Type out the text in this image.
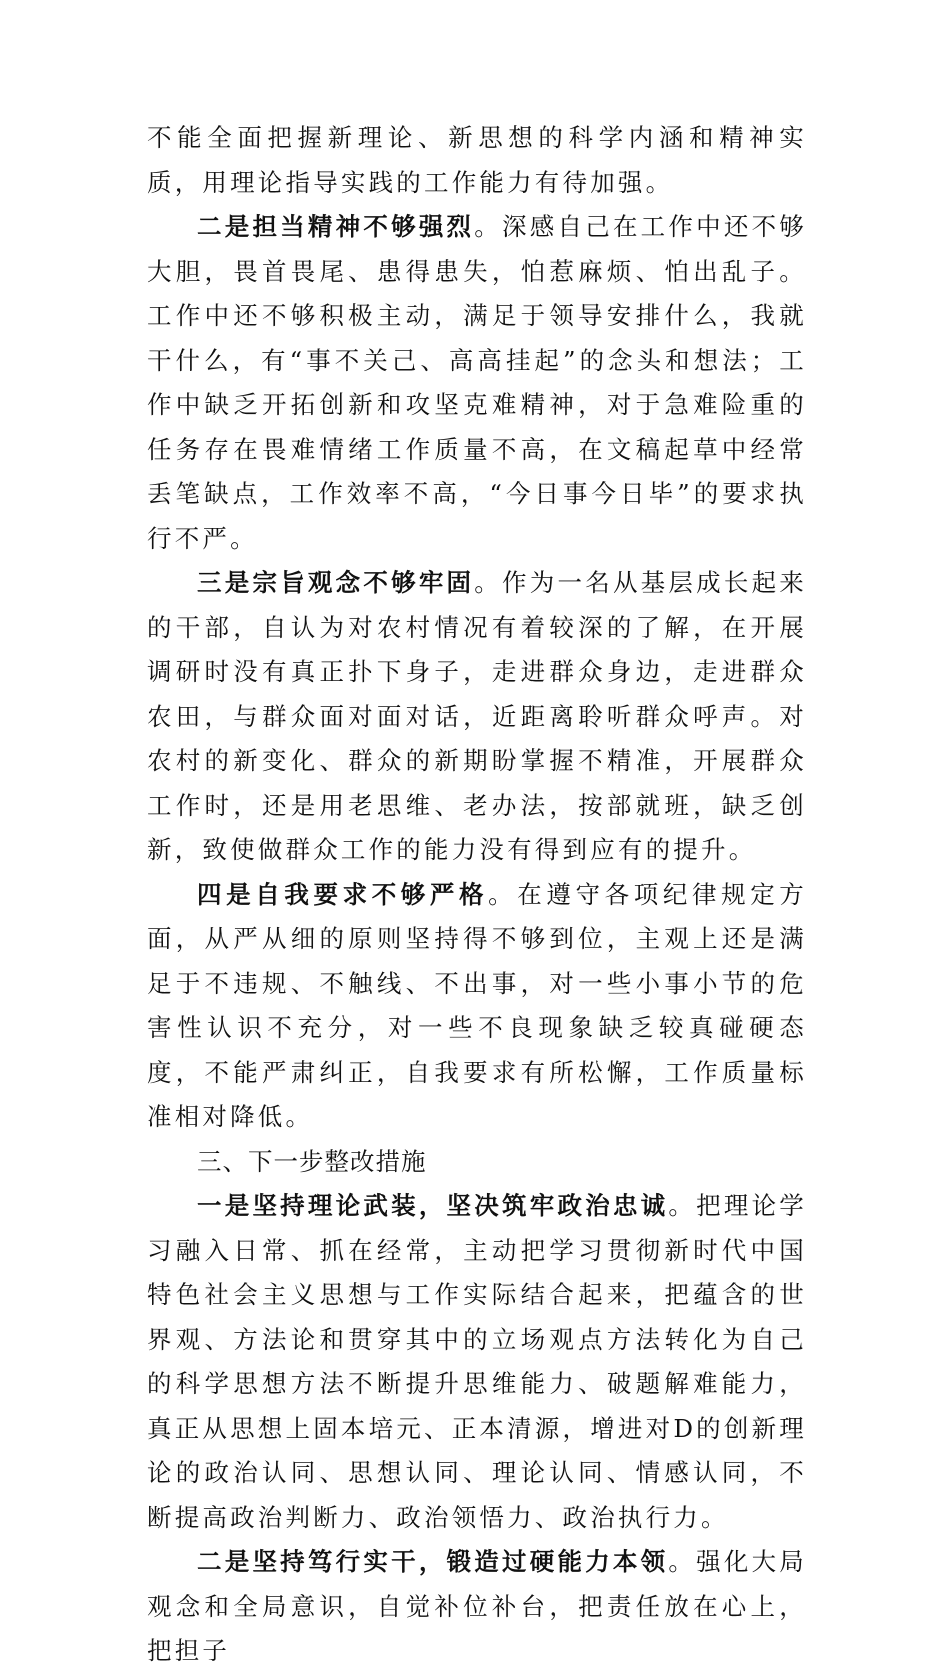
不能全面把握新理论、新思想的科学内涵和精神实质，用理论指导实践的工作能力有待加强。

二是担当精神不够强烈。深感自己在工作中还不够大胆，畏首畏尾、患得患失，怕惹麻烦、怕出乱子。工作中还不够积极主动，满足于领导安排什么，我就干什么，有“事不关己、高高挂起”的念头和想法；工作中缺乏开拓创新和攻坚克难精神，对于急难险重的任务存在畏难情绪工作质量不高，在文稿起草中经常丢笔缺点，工作效率不高，“今日事今日毕”的要求执行不严。

三是宗旨观念不够牢固。作为一名从基层成长起来的干部，自认为对农村情况有着较深的了解，在开展调研时没有真正扑下身子，走进群众身边，走进群众农田，与群众面对面对话，近距离聆听群众呼声。对农村的新变化、群众的新期盼掌握不精准，开展群众工作时，还是用老思维、老办法，按部就班，缺乏创新，致使做群众工作的能力没有得到应有的提升。

四是自我要求不够严格。在遵守各项纪律规定方面，从严从细的原则坚持得不够到位，主观上还是满足于不违规、不触线、不出事，对一些小事小节的危害性认识不充分，对一些不良现象缺乏较真碰硬态度，不能严肃纠正，自我要求有所松懈，工作质量标准相对降低。

三、下一步整改措施

一是坚持理论武装，坚决筑牢政治忠诚。把理论学习融入日常、抓在经常，主动把学习贯彻新时代中国特色社会主义思想与工作实际结合起来，把蕴含的世界观、方法论和贯穿其中的立场观点方法转化为自己的科学思想方法不断提升思维能力、破题解难能力，真正从思想上固本培元、正本清源，增进对D的创新理论的政治认同、思想认同、理论认同、情感认同，不断提高政治判断力、政治领悟力、政治执行力。

二是坚持笃行实干，锻造过硬能力本领。强化大局观念和全局意识，自觉补位补台，把责任放在心上，把担子
